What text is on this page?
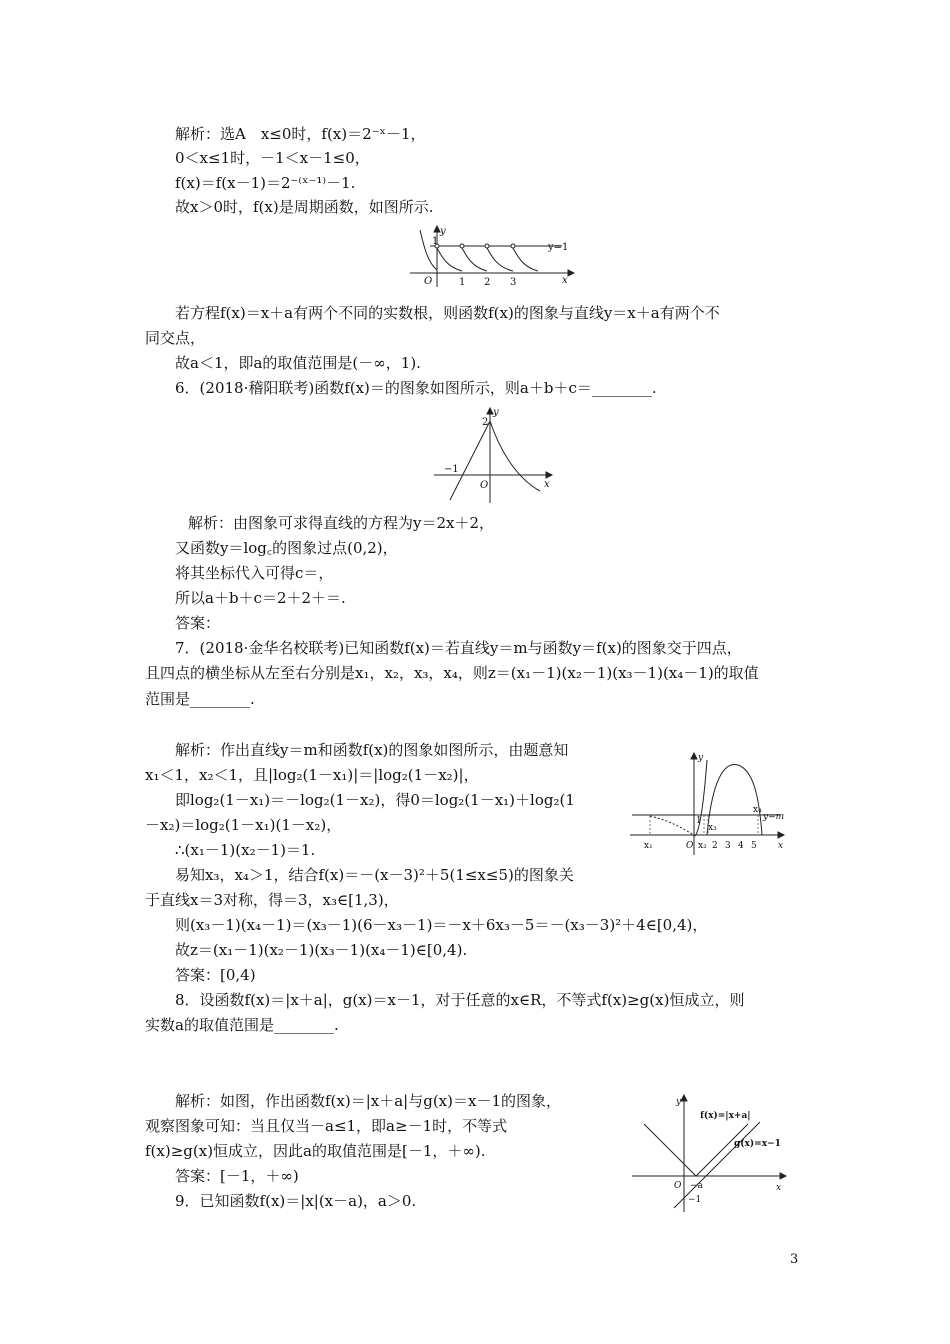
解析：选A　x≤0时，f(x)＝2⁻ˣ－1，
0＜x≤1时，－1＜x－1≤0，
f(x)＝f(x－1)＝2⁻⁽ˣ⁻¹⁾－1.
故x＞0时，f(x)是周期函数，如图所示.
若方程f(x)＝x＋a有两个不同的实数根，则函数f(x)的图象与直线y＝x＋a有两个不
同交点，
故a＜1，即a的取值范围是(－∞，1).
6．(2018·稽阳联考)函数f(x)＝的图象如图所示，则a＋b＋c＝________.
解析：由图象可求得直线的方程为y＝2x＋2，
又函数y＝log꜀的图象过点(0,2)，
将其坐标代入可得c＝，
所以a＋b＋c＝2＋2＋＝.
答案：
7．(2018·金华名校联考)已知函数f(x)＝若直线y＝m与函数y＝f(x)的图象交于四点，
且四点的横坐标从左至右分别是x₁，x₂，x₃，x₄，则z＝(x₁－1)(x₂－1)(x₃－1)(x₄－1)的取值
范围是________.
解析：作出直线y＝m和函数f(x)的图象如图所示，由题意知
x₁＜1，x₂＜1，且|log₂(1－x₁)|＝|log₂(1－x₂)|，
即log₂(1－x₁)＝－log₂(1－x₂)，得0＝log₂(1－x₁)＋log₂(1
－x₂)＝log₂(1－x₁)(1－x₂)，
∴(x₁－1)(x₂－1)＝1.
易知x₃，x₄＞1，结合f(x)＝－(x－3)²＋5(1≤x≤5)的图象关
于直线x＝3对称，得＝3，x₃∈[1,3)，
则(x₃－1)(x₄－1)＝(x₃－1)(6－x₃－1)＝－x＋6x₃－5＝－(x₃－3)²＋4∈[0,4)，
故z＝(x₁－1)(x₂－1)(x₃－1)(x₄－1)∈[0,4).
答案：[0,4)
8．设函数f(x)＝|x＋a|，g(x)＝x－1，对于任意的x∈R，不等式f(x)≥g(x)恒成立，则
实数a的取值范围是________.
解析：如图，作出函数f(x)＝|x＋a|与g(x)＝x－1的图象，
观察图象可知：当且仅当－a≤1，即a≥－1时，不等式
f(x)≥g(x)恒成立，因此a的取值范围是[－1，＋∞).
答案：[－1，＋∞)
9．已知函数f(x)＝|x|(x－a)，a＞0.
3
y
x
O
1
1 2 3
y=1
y
x
O
2
−1
y
x
O
y=m
x₁	x₂
x₃
x₄
1
2 3 4 5
y
x
O −a
−1
f(x)=|x+a|
g(x)=x−1
